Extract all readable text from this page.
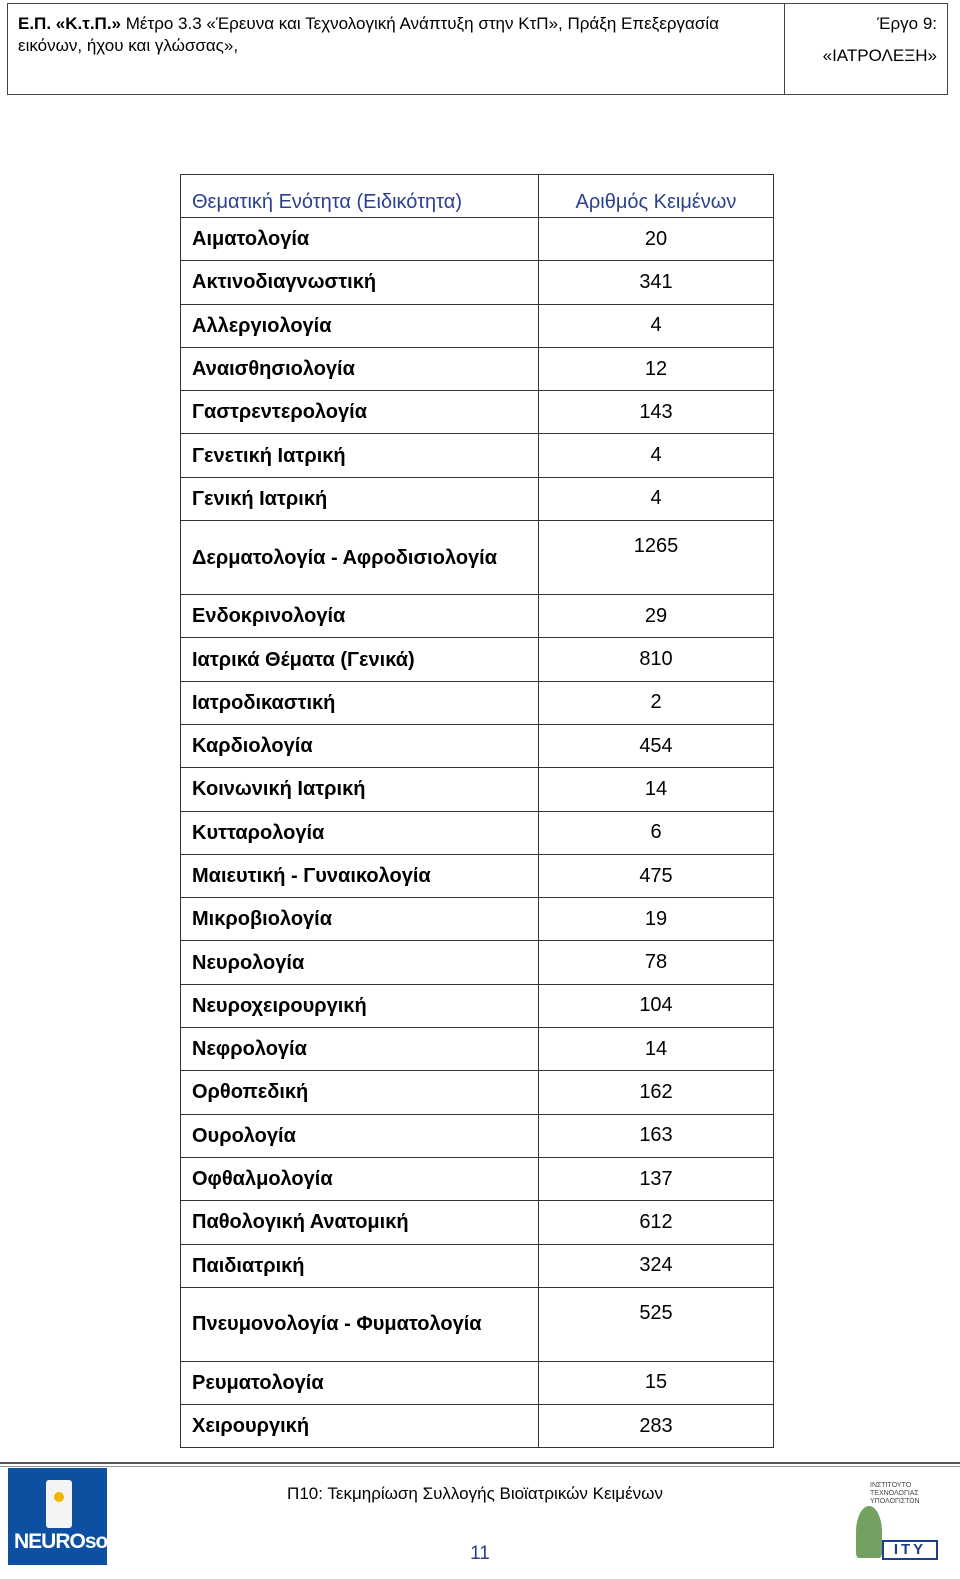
Ε.Π. «Κ.τ.Π.» Μέτρο 3.3 «Έρευνα και Τεχνολογική Ανάπτυξη στην ΚτΠ», Πράξη Επεξεργασία εικόνων, ήχου και γλώσσας»,
Έργο 9:
«ΙΑΤΡΟΛΕΞΗ»
Θεματική Ενότητα (Ειδικότητα)	Αριθμός Κειμένων
Αιματολογία	20
Ακτινοδιαγνωστική	341
Αλλεργιολογία	4
Αναισθησιολογία	12
Γαστρεντερολογία	143
Γενετική Ιατρική	4
Γενική Ιατρική	4
Δερματολογία - Αφροδισιολογία	1265
Ενδοκρινολογία	29
Ιατρικά Θέματα (Γενικά)	810
Ιατροδικαστική	2
Καρδιολογία	454
Κοινωνική Ιατρική	14
Κυτταρολογία	6
Μαιευτική - Γυναικολογία	475
Μικροβιολογία	19
Νευρολογία	78
Νευροχειρουργική	104
Νεφρολογία	14
Ορθοπεδική	162
Ουρολογία	163
Οφθαλμολογία	137
Παθολογική Ανατομική	612
Παιδιατρική	324
Πνευμονολογία - Φυματολογία	525
Ρευματολογία	15
Χειρουργική	283
NEUROsoft
Π10: Τεκμηρίωση Συλλογής Βιοϊατρικών Κειμένων
11
ΙΝΣΤΙΤΟΥΤΟ ΤΕΧΝΟΛΟΓΙΑΣ ΥΠΟΛΟΓΙΣΤΩΝ
ΙΤΥ
